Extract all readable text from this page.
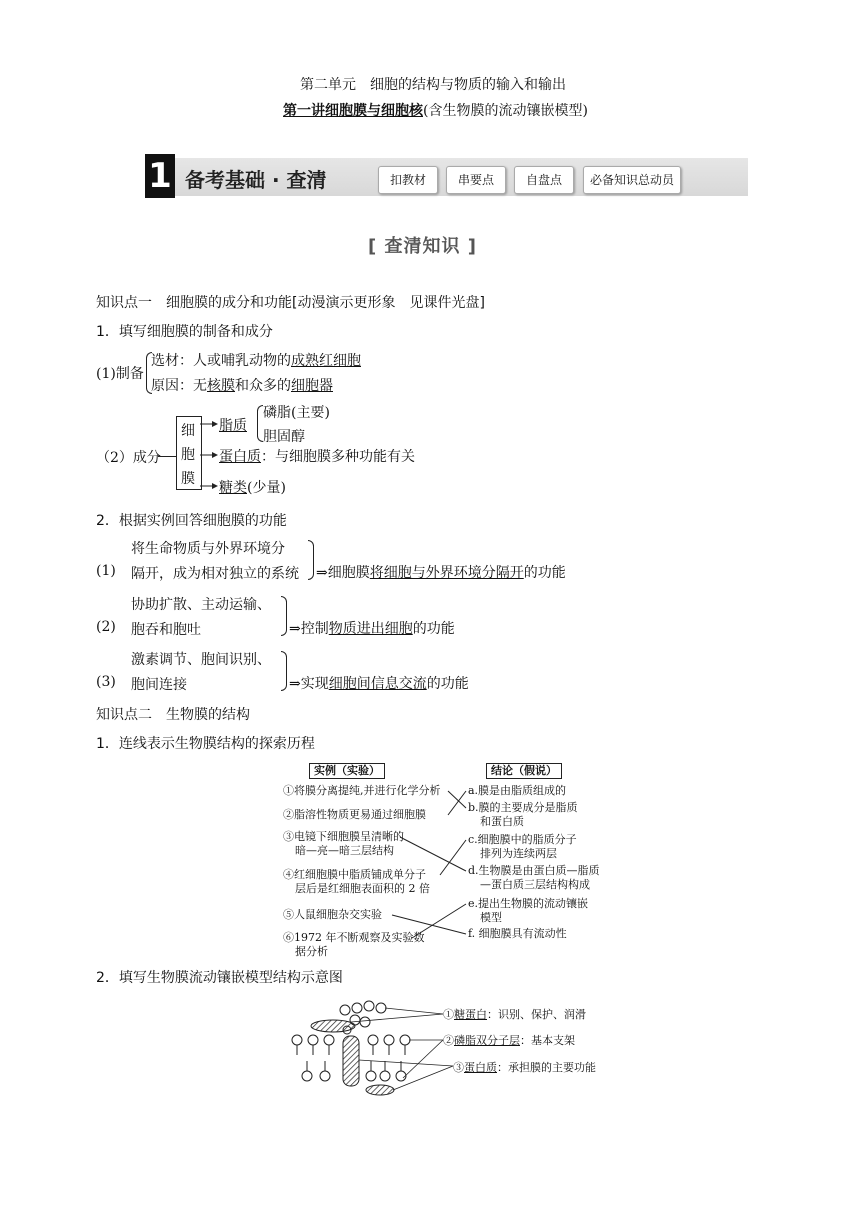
第二单元　细胞的结构与物质的输入和输出
第一讲细胞膜与细胞核(含生物膜的流动镶嵌模型)
1 备考基础 · 查清	扣教材	串要点	自盘点	必备知识总动员
[ 查清知识 ]
知识点一　细胞膜的成分和功能[动漫演示更形象　见课件光盘]
1．填写细胞膜的制备和成分
(1)制备
选材：人或哺乳动物的成熟红细胞
原因：无核膜和众多的细胞器
（2）成分
细
胞
膜
脂质
磷脂(主要)
胆固醇
蛋白质：与细胞膜多种功能有关
糖类(少量)
2．根据实例回答细胞膜的功能
将生命物质与外界环境分
(1) 隔开，成为相对独立的系统 ⇒细胞膜将细胞与外界环境分隔开的功能
协助扩散、主动运输、
(2) 胞吞和胞吐	⇒控制物质进出细胞的功能
激素调节、胞间识别、
(3) 胞间连接	⇒实现细胞间信息交流的功能
知识点二　生物膜的结构
1．连线表示生物膜结构的探索历程
实例（实验）	结论（假说）
①将膜分离提纯,并进行化学分析
②脂溶性物质更易通过细胞膜
③电镜下细胞膜呈清晰的
暗—亮—暗三层结构
④红细胞膜中脂质铺成单分子
层后是红细胞表面积的 2 倍
⑤人鼠细胞杂交实验
⑥1972 年不断观察及实验数
据分析
a.膜是由脂质组成的
b.膜的主要成分是脂质
和蛋白质
c.细胞膜中的脂质分子
排列为连续两层
d.生物膜是由蛋白质—脂质
—蛋白质三层结构构成
e.提出生物膜的流动镶嵌
模型
f. 细胞膜具有流动性
2．填写生物膜流动镶嵌模型结构示意图
①糖蛋白：识别、保护、润滑
②磷脂双分子层：基本支架
③蛋白质：承担膜的主要功能
